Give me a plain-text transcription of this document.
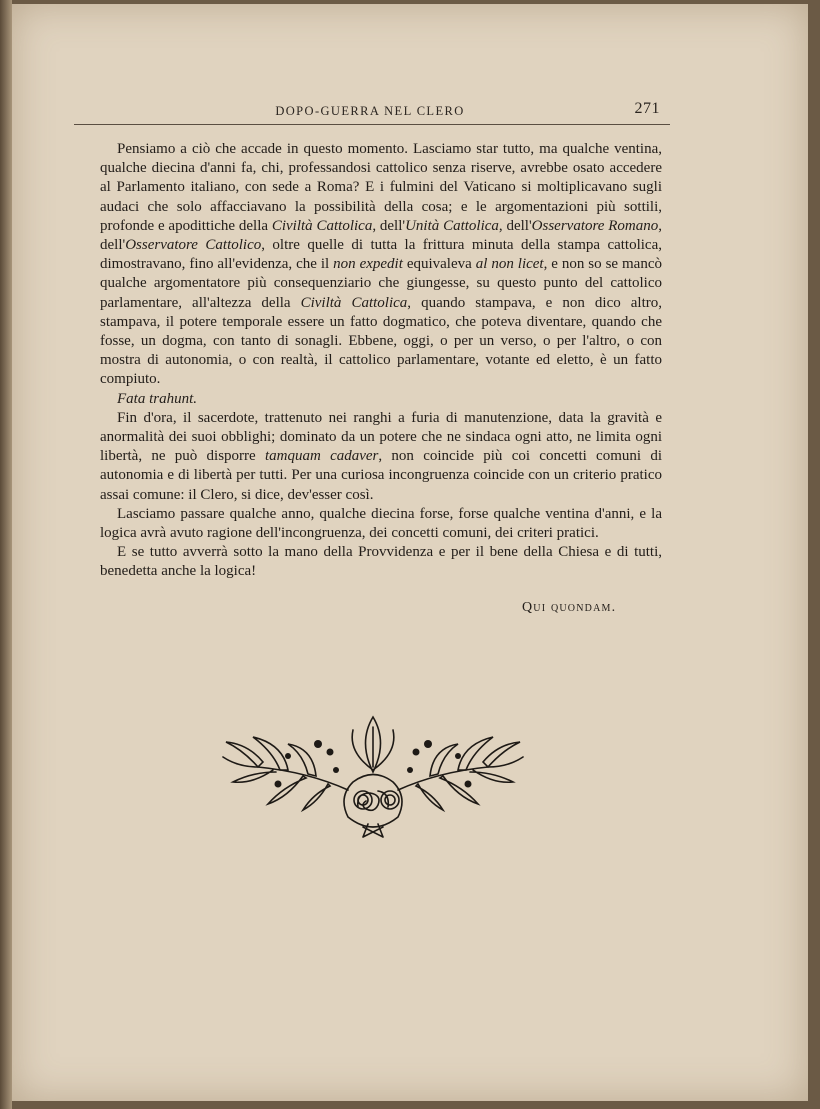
DOPO-GUERRA NEL CLERO	271

Pensiamo a ciò che accade in questo momento. Lasciamo star tutto, ma qualche ventina, qualche diecina d'anni fa, chi, professandosi cattolico senza riserve, avrebbe osato accedere al Parlamento italiano, con sede a Roma? E i fulmini del Vaticano si moltiplicavano sugli audaci che solo affacciavano la possibilità della cosa; e le argomentazioni più sottili, profonde e apodittiche della Civiltà Cattolica, dell'Unità Cattolica, dell'Osservatore Romano, dell'Osservatore Cattolico, oltre quelle di tutta la frittura minuta della stampa cattolica, dimostravano, fino all'evidenza, che il non expedit equivaleva al non licet, e non so se mancò qualche argomentatore più consequenziario che giungesse, su questo punto del cattolico parlamentare, all'altezza della Civiltà Cattolica, quando stampava, e non dico altro, stampava, il potere temporale essere un fatto dogmatico, che poteva diventare, quando che fosse, un dogma, con tanto di sonagli. Ebbene, oggi, o per un verso, o per l'altro, o con mostra di autonomia, o con realtà, il cattolico parlamentare, votante ed eletto, è un fatto compiuto.

Fata trahunt.

Fin d'ora, il sacerdote, trattenuto nei ranghi a furia di manutenzione, data la gravità e anormalità dei suoi obblighi; dominato da un potere che ne sindaca ogni atto, ne limita ogni libertà, ne può disporre tamquam cadaver, non coincide più coi concetti comuni di autonomia e di libertà per tutti. Per una curiosa incongruenza coincide con un criterio pratico assai comune: il Clero, si dice, dev'esser così.

Lasciamo passare qualche anno, qualche diecina forse, forse qualche ventina d'anni, e la logica avrà avuto ragione dell'incongruenza, dei concetti comuni, dei criteri pratici.

E se tutto avverrà sotto la mano della Provvidenza e per il bene della Chiesa e di tutti, benedetta anche la logica!

Qui quondam.
